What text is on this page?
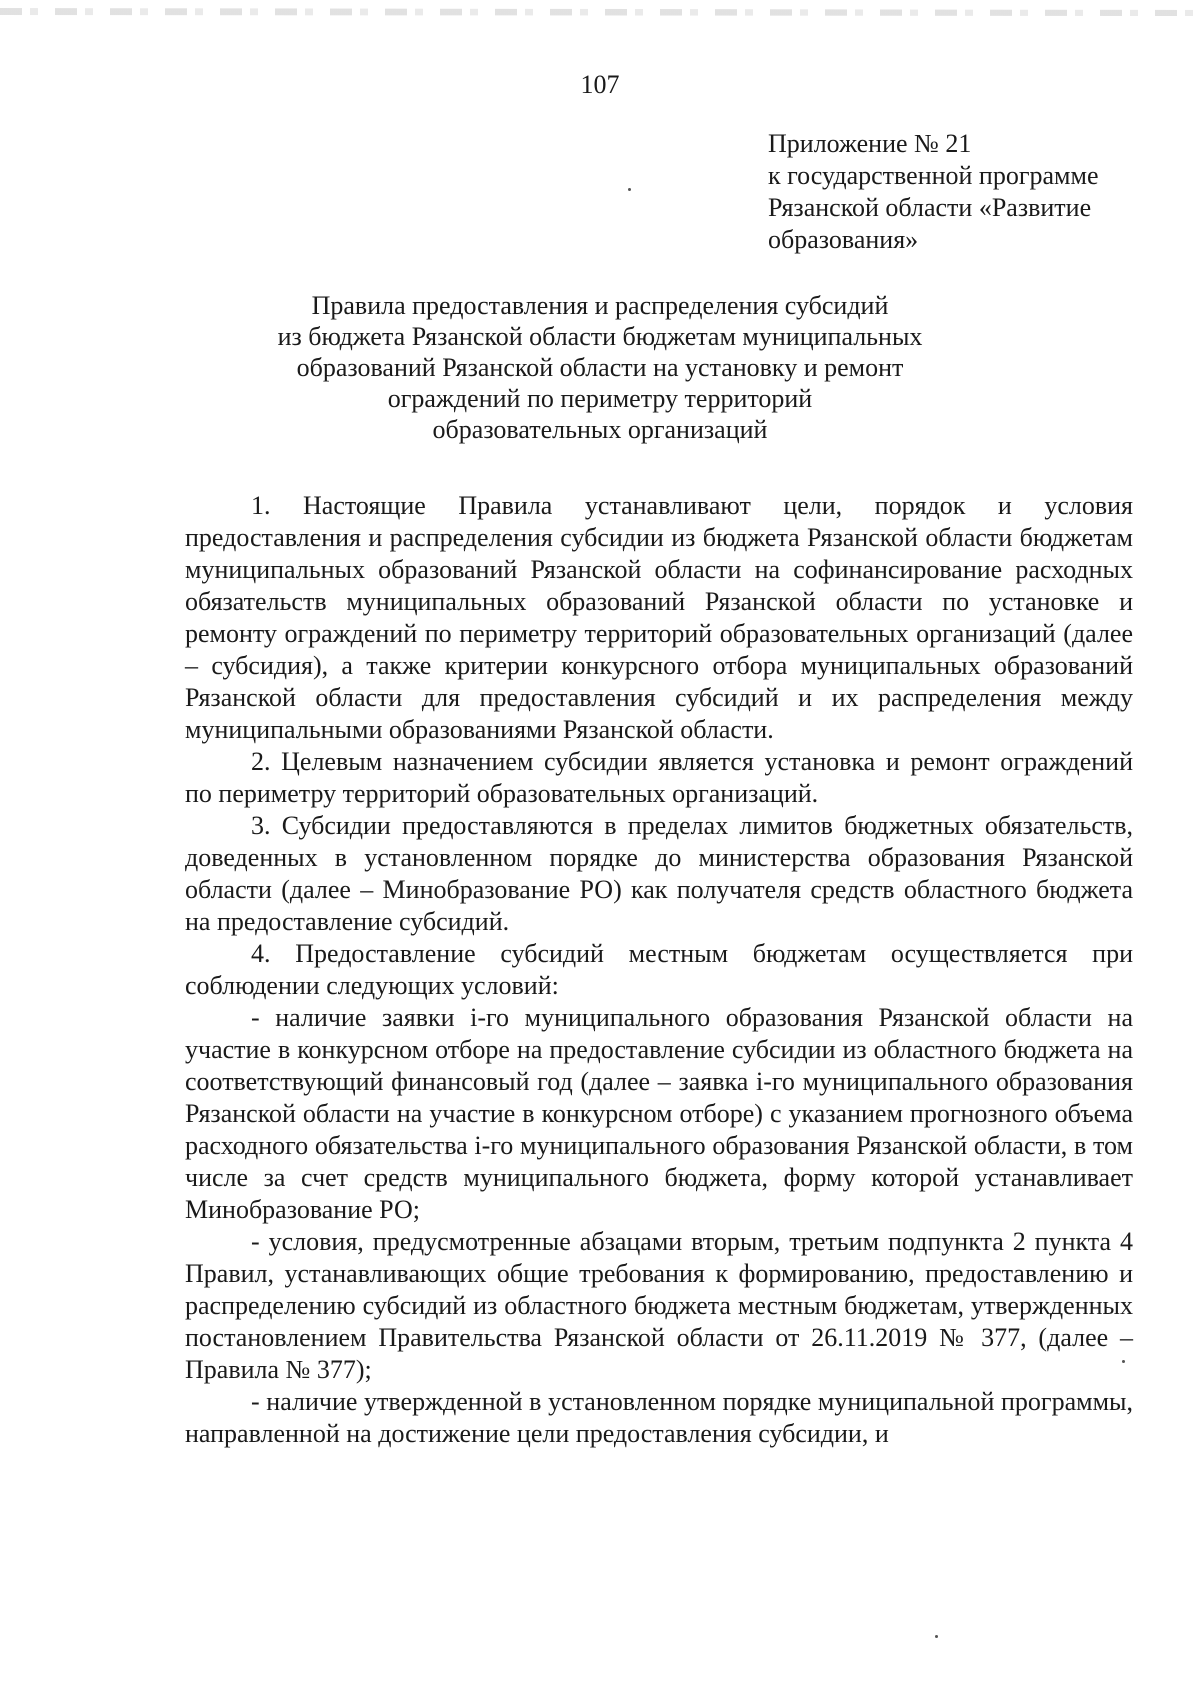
107
Приложение № 21
к государственной программе
Рязанской области «Развитие
образования»
Правила предоставления и распределения субсидий
из бюджета Рязанской области бюджетам муниципальных
образований Рязанской области на установку и ремонт
ограждений по периметру территорий
образовательных организаций

1. Настоящие Правила устанавливают цели, порядок и условия предоставления и распределения субсидии из бюджета Рязанской области бюджетам муниципальных образований Рязанской области на софинансирование расходных обязательств муниципальных образований Рязанской области по установке и ремонту ограждений по периметру территорий образовательных организаций (далее – субсидия), а также критерии конкурсного отбора муниципальных образований Рязанской области для предоставления субсидий и их распределения между муниципальными образованиями Рязанской области.

2. Целевым назначением субсидии является установка и ремонт ограждений по периметру территорий образовательных организаций.

3. Субсидии предоставляются в пределах лимитов бюджетных обязательств, доведенных в установленном порядке до министерства образования Рязанской области (далее – Минобразование РО) как получателя средств областного бюджета на предоставление субсидий.

4. Предоставление субсидий местным бюджетам осуществляется при соблюдении следующих условий:

- наличие заявки i-го муниципального образования Рязанской области на участие в конкурсном отборе на предоставление субсидии из областного бюджета на соответствующий финансовый год (далее – заявка i-го муниципального образования Рязанской области на участие в конкурсном отборе) с указанием прогнозного объема расходного обязательства i-го муниципального образования Рязанской области, в том числе за счет средств муниципального бюджета, форму которой устанавливает Минобразование РО;

- условия, предусмотренные абзацами вторым, третьим подпункта 2 пункта 4 Правил, устанавливающих общие требования к формированию, предоставлению и распределению субсидий из областного бюджета местным бюджетам, утвержденных постановлением Правительства Рязанской области от 26.11.2019 № 377, (далее – Правила № 377);

- наличие утвержденной в установленном порядке муниципальной программы, направленной на достижение цели предоставления субсидии, и
